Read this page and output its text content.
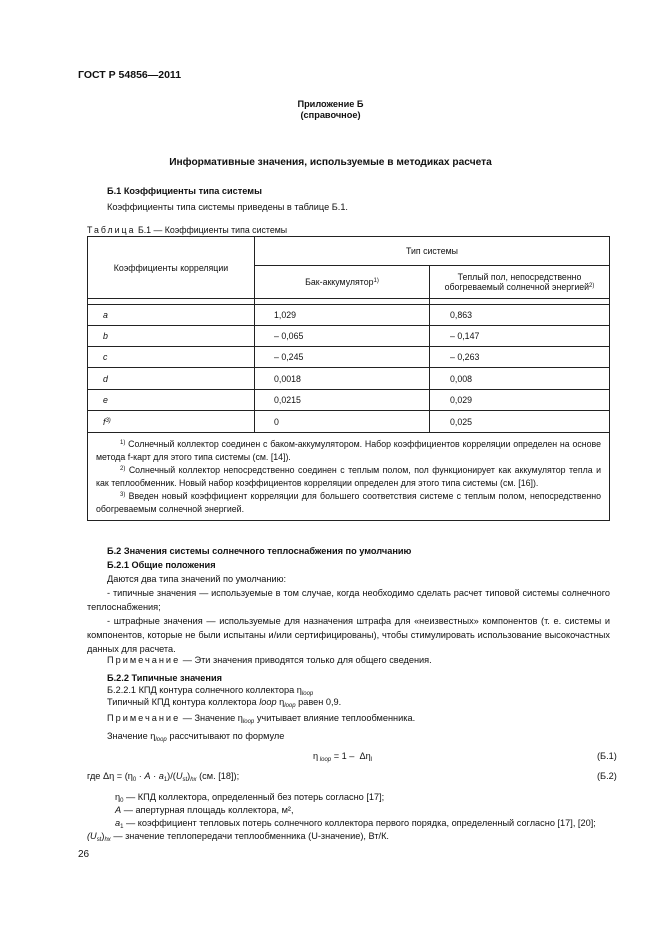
ГОСТ Р 54856—2011
Приложение Б
(справочное)
Информативные значения, используемые в методиках расчета
Б.1 Коэффициенты типа системы
Коэффициенты типа системы приведены в таблице Б.1.
Таблица Б.1 — Коэффициенты типа системы
Коэффициенты корреляции	Тип системы	
	Бак-аккумулятор$^{1)}$	Теплый пол, непосредственно
обогреваемый солнечной энергией$^{2)}$

a	1,029	0,863
b	– 0,065	– 0,147
c	– 0,245	– 0,263
d	0,0018	0,008
e	0,0215	0,029
$f^{3)}$	0	0,025

$^{1)}$ Солнечный коллектор соединен с баком-аккумулятором. Набор коэффициентов корреляции определен на основе метода f-карт для этого типа системы (см. [14]).
$^{2)}$ Солнечный коллектор непосредственно соединен с теплым полом, пол функционирует как аккумулятор тепла и как теплообменник. Новый набор коэффициентов корреляции определен для этого типа системы (см. [16]).
$^{3)}$ Введен новый коэффициент корреляции для большего соответствия системе с теплым полом, непосредственно обогреваемым солнечной энергией.		
Б.2 Значения системы солнечного теплоснабжения по умолчанию
Б.2.1 Общие положения
Даются два типа значений по умолчанию:
- типичные значения — используемые в том случае, когда необходимо сделать расчет типовой системы солнечного теплоснабжения;
- штрафные значения — используемые для назначения штрафа для «неизвестных» компонентов (т. е. системы и компонентов, которые не были испытаны и/или сертифицированы), чтобы стимулировать использование высокочастных данных для расчета.
Примечание — Эти значения приводятся только для общего сведения.
Б.2.2 Типичные значения
Б.2.2.1 КПД контура солнечного коллектора $\eta_{loop}$
Типичный КПД контура коллектора loop $\eta_{loop}$ равен 0,9.
Примечание — Значение $\eta_{loop}$ учитывает влияние теплообменника.
Значение $\eta_{loop}$ рассчитывают по формуле
η $_{loop} = 1 - \Delta\eta_l$	(Б.1)
где $\Delta\eta = (\eta_0 \cdot A \cdot a_1)/(U_{st})_{hx}$ (см. [18]);	(Б.2)
$\eta_0$ — КПД коллектора, определенный без потерь согласно [17];
A — апертурная площадь коллектора, м²,
$a_1$ — коэффициент тепловых потерь солнечного коллектора первого порядка, определенный согласно [17], [20];
$(U_{st})_{hx}$ — значение теплопередачи теплообменника (U-значение), Вт/К.
26
